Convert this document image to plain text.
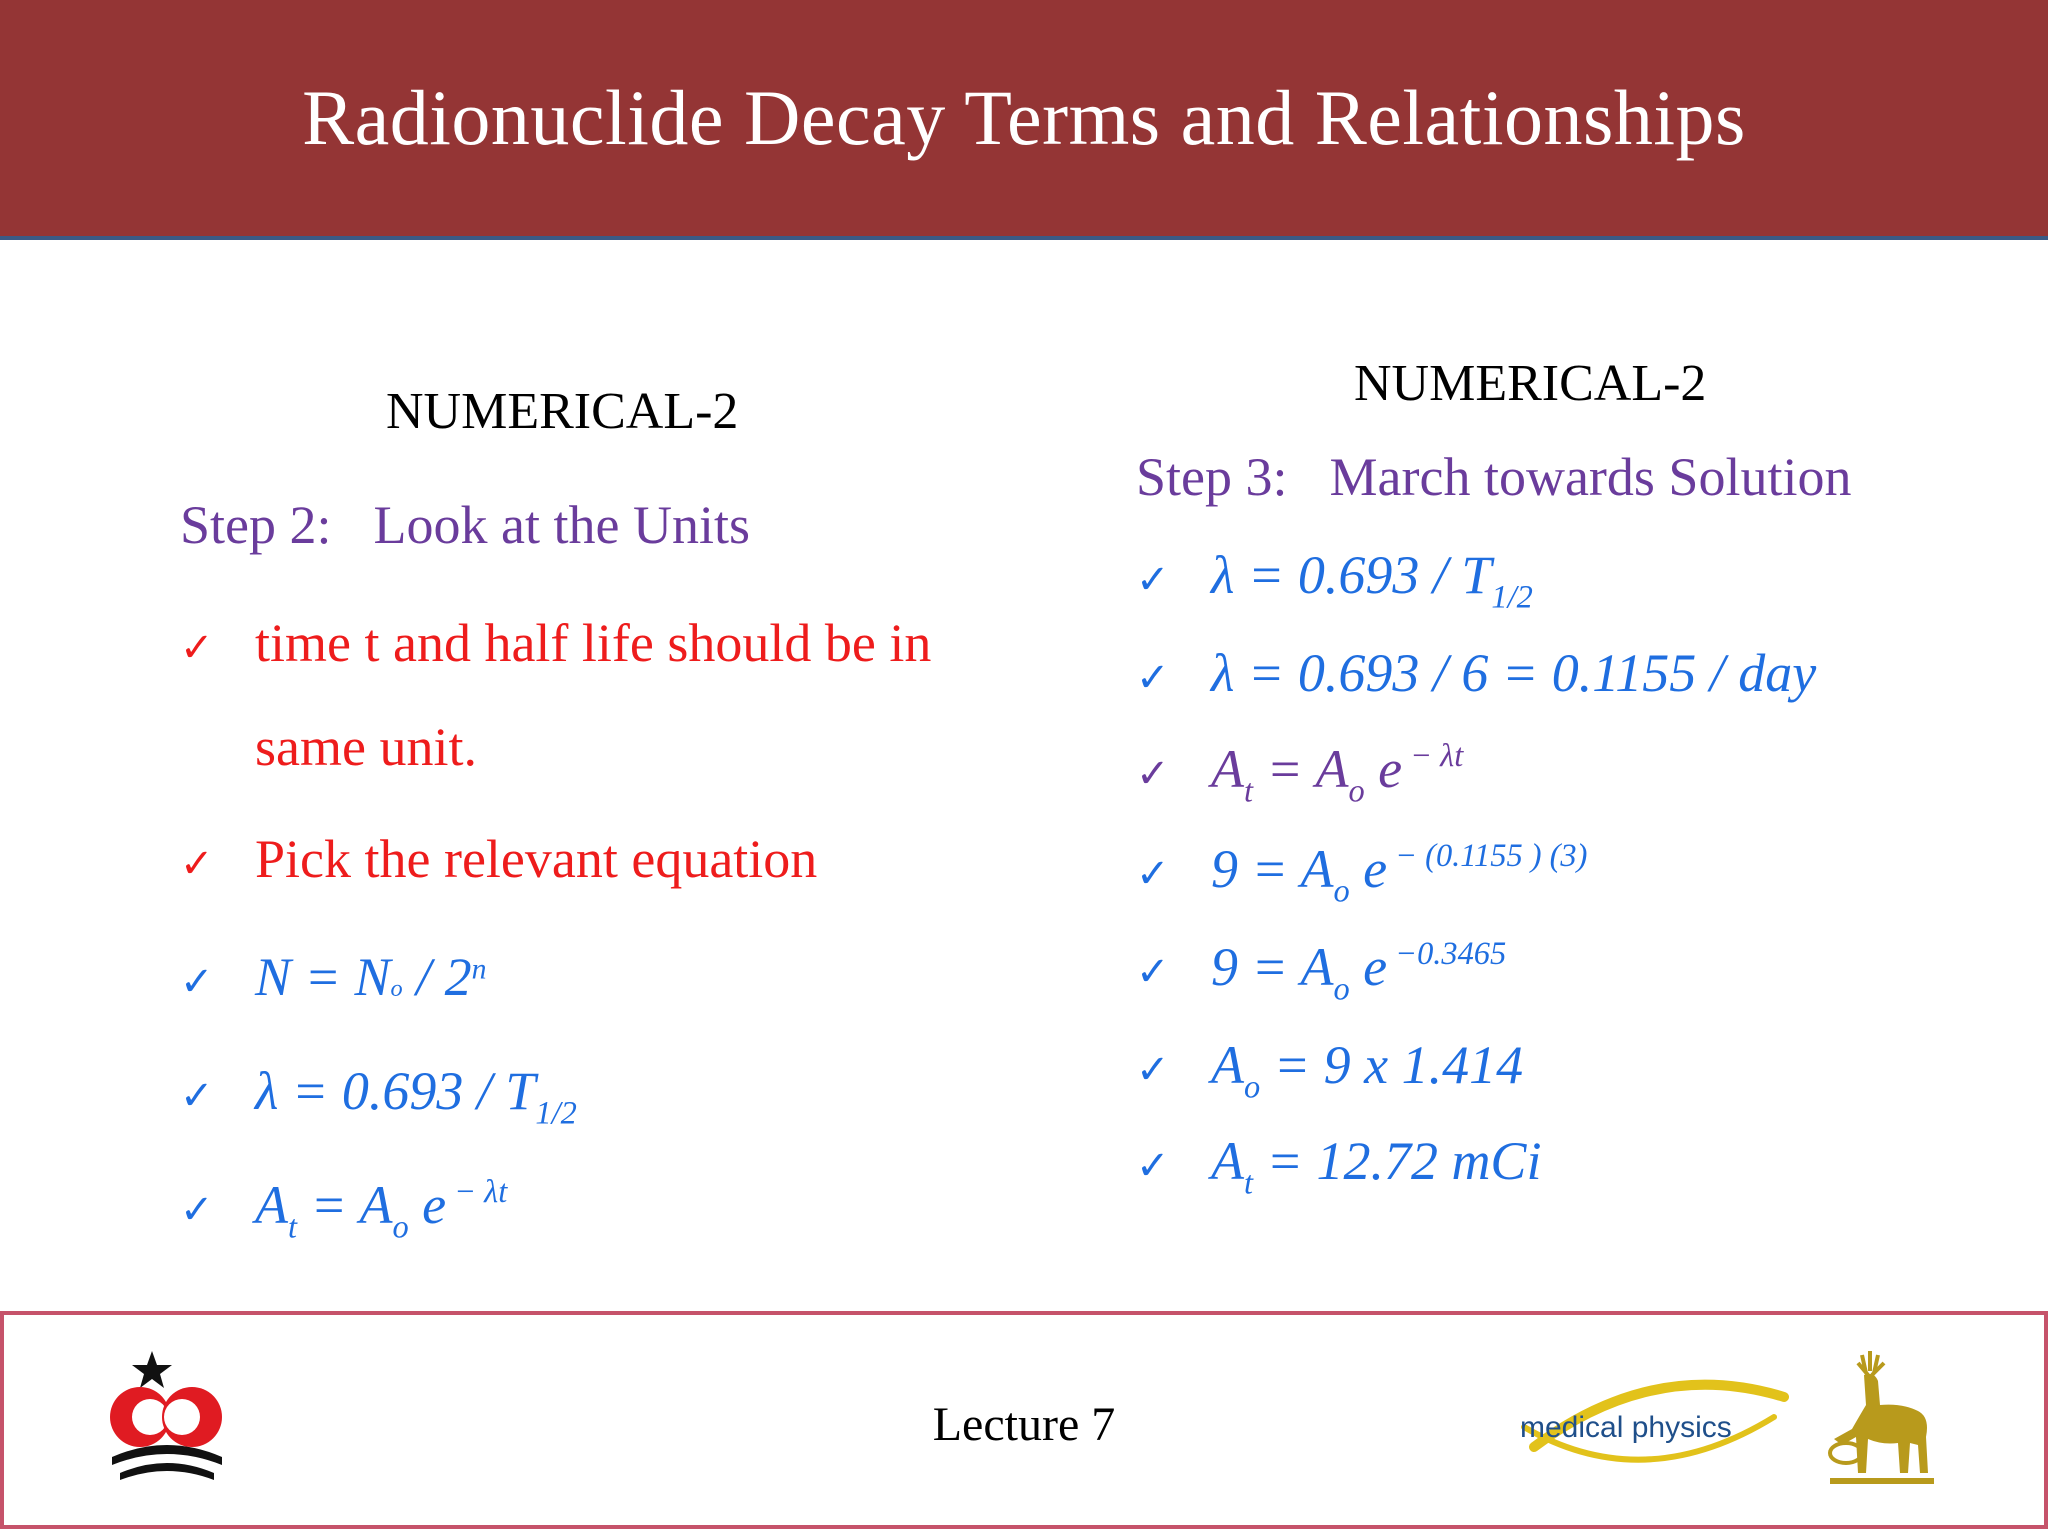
Radionuclide Decay Terms and Relationships
NUMERICAL-2
Step 2: Look at the Units
✓ time t and half life should be in
same unit.
✓ Pick the relevant equation
✓ $N = N_o / 2^n$
✓ $\lambda = 0.693 / T_{1/2}$
✓ $A_t = A_o$ e $^{- \lambda t}$
NUMERICAL-2
Step 3: March towards Solution
✓ $\lambda = 0.693 / T_{1/2}$
✓ λ = 0.693 / 6 = 0.1155 / day
✓ $A_t = A_o$ e $^{- \lambda t}$
✓ $9 = A_o$ e $^{- (0.1155 ) (3)}$
✓ $9 = A_o$ e $^{-0.3465}$
✓ $A_o = 9$ x 1.414
✓ $A_t = 12.72$ mCi
Lecture 7	medical physics
